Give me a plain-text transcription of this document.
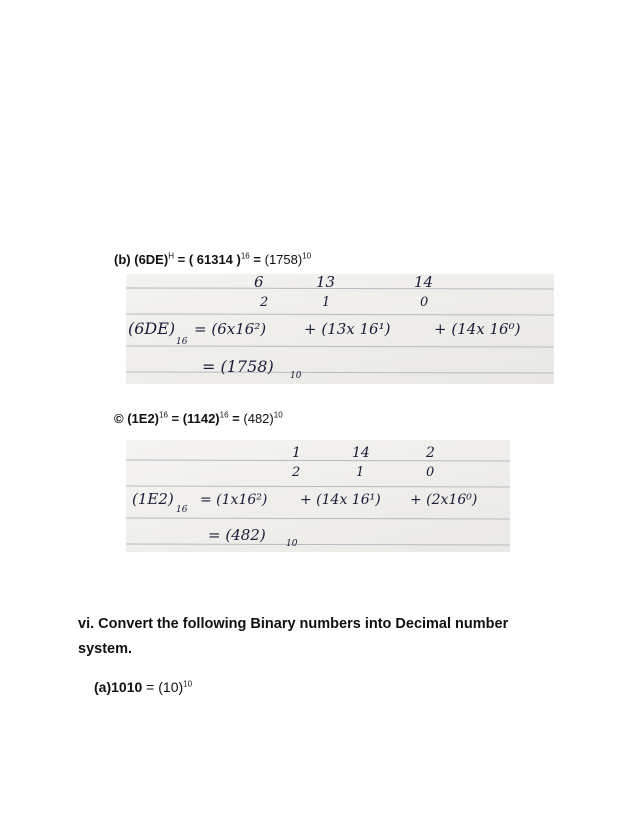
(b) $(6DE)^H$ = ( 61314 )$^{16} = (1758)^{10}$
6	13	14
2	1	0
(6DE)
16
= (6x16²)	+ (13x 16¹)	+ (14x 16⁰)
= (1758) 10
© $(1E2)^{16} = (1142)^{16} = (482)^{10}$
1	14	2
2	1	0
(1E2)
16
= (1x16²) + (14x 16¹) + (2x16⁰)
= (482) 10
vi. Convert the following Binary numbers into Decimal number system.
$(a)1010 = (10)^{10}$
